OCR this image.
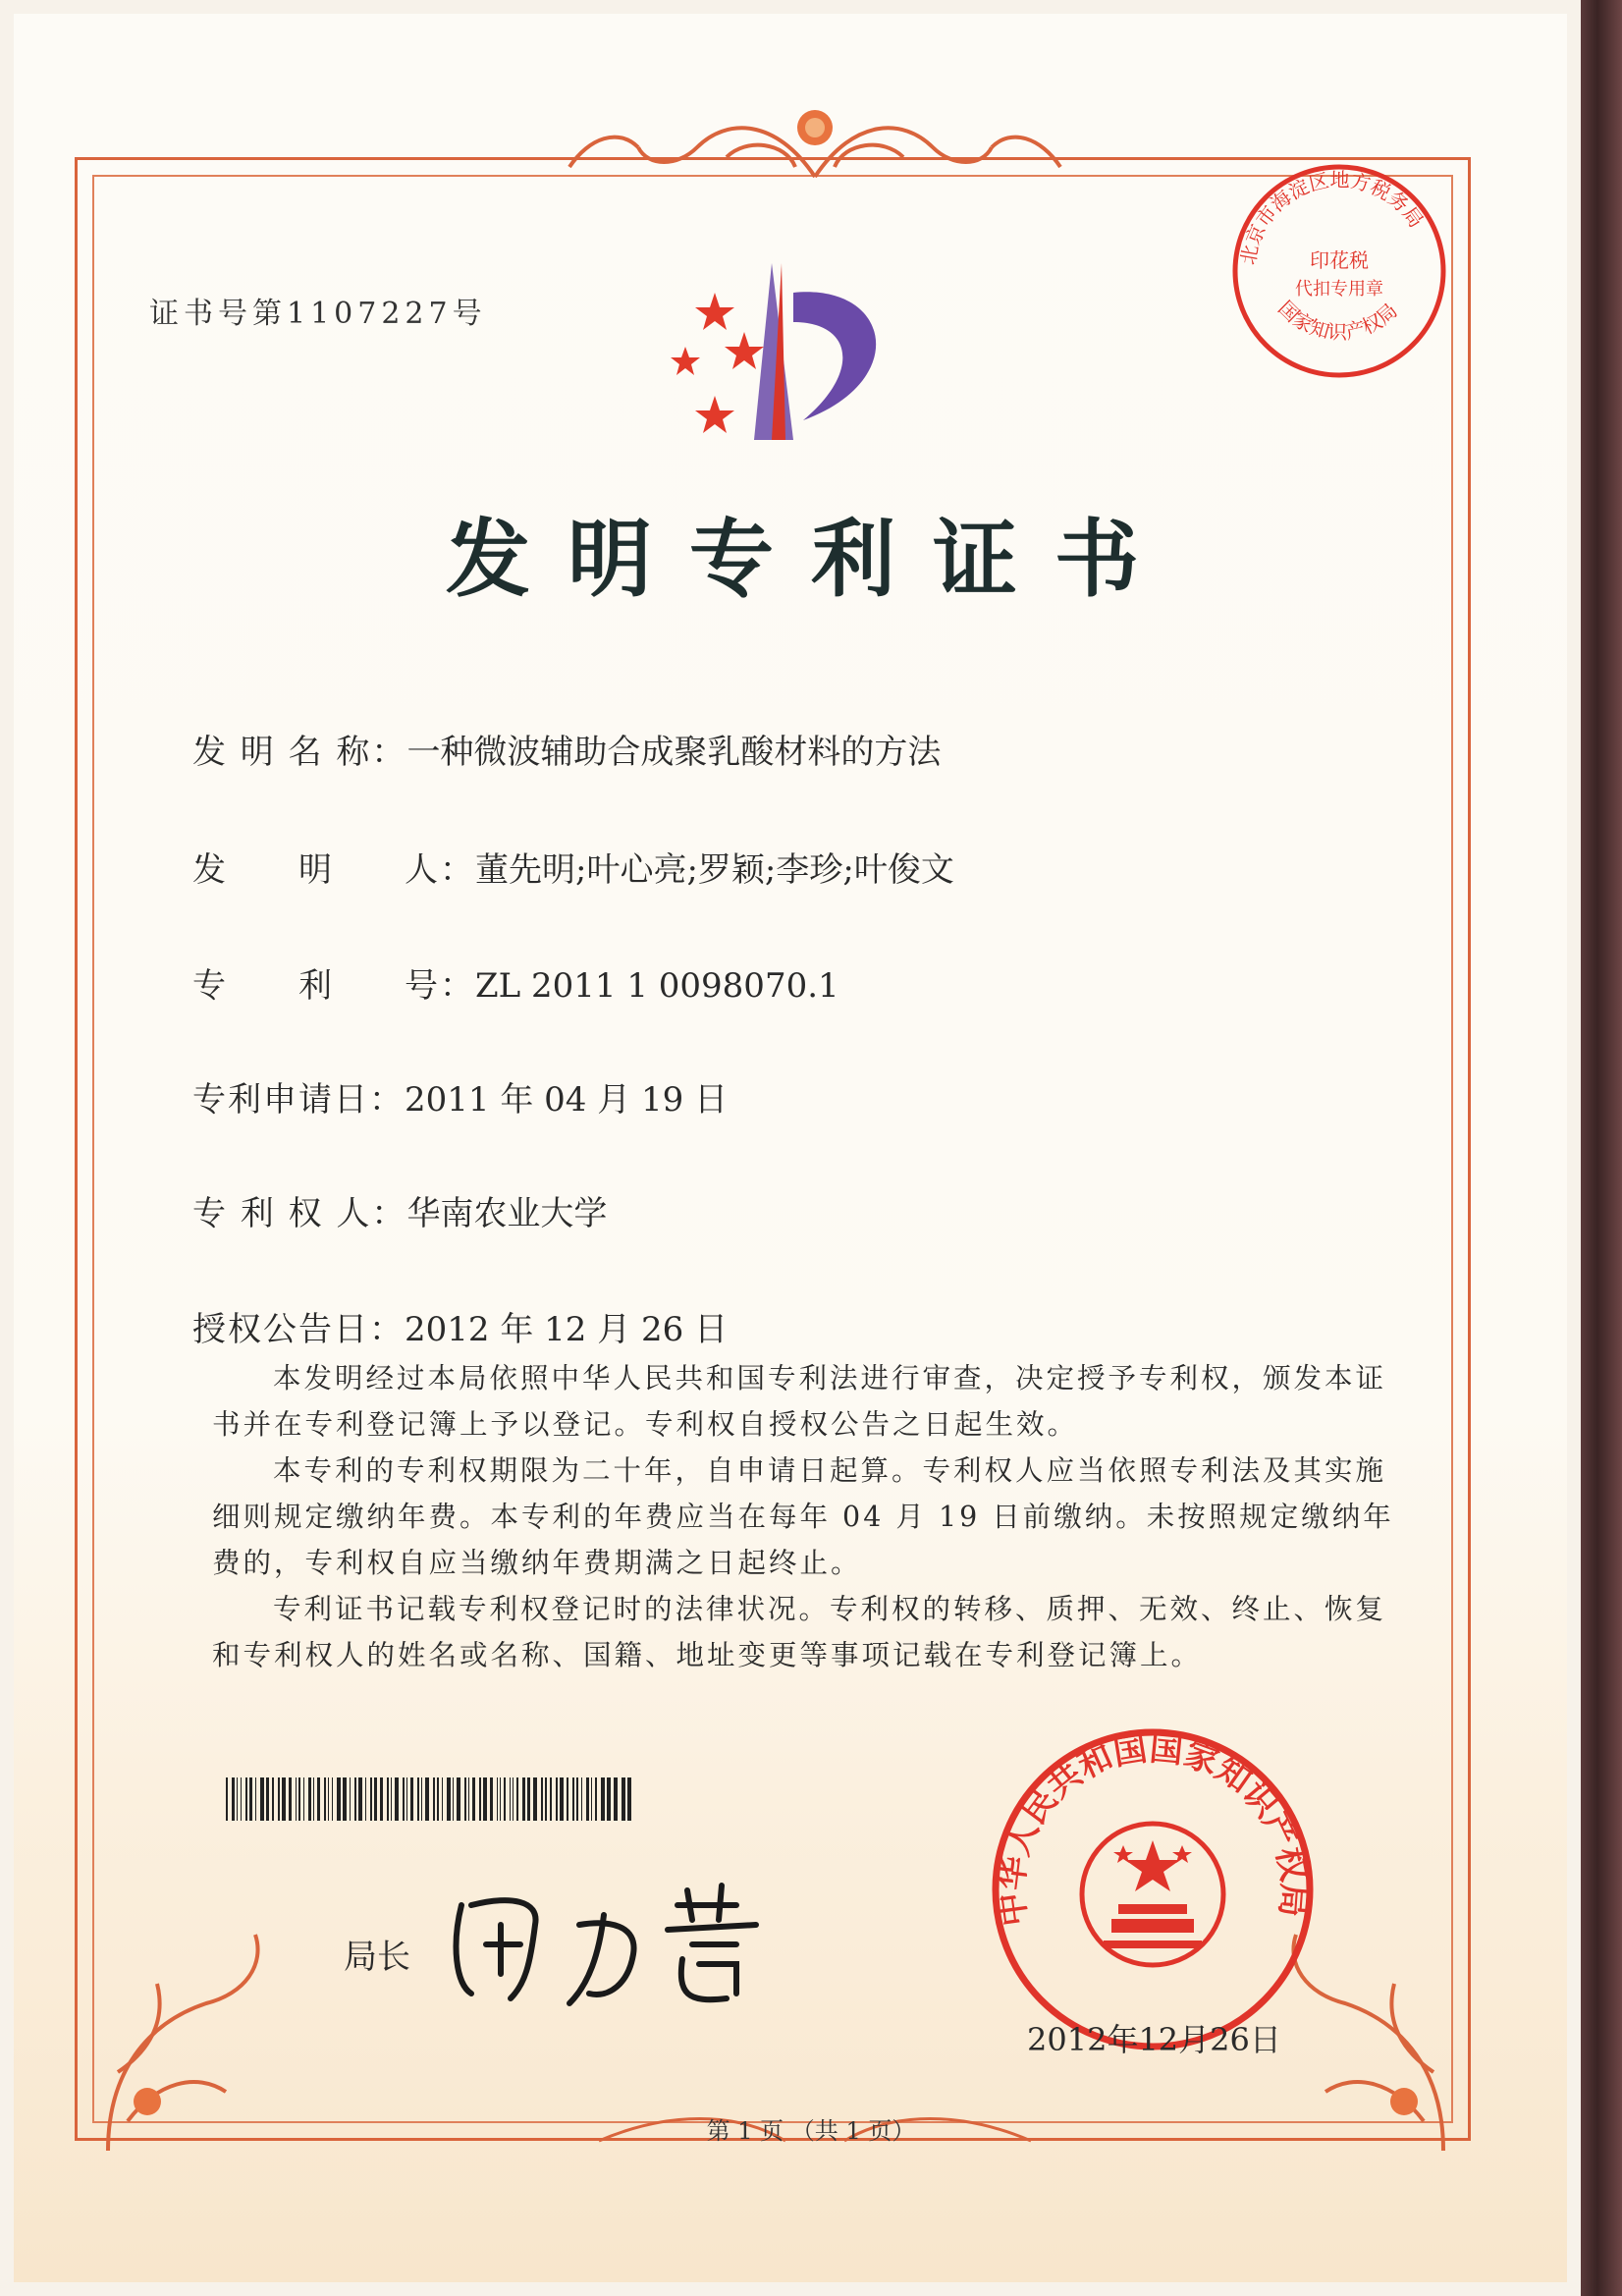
证书号第1107227号
北京市海淀区地方税务局
印花税
代扣专用章
国家知识产权局
发明专利证书
发 明 名 称：一种微波辅助合成聚乳酸材料的方法
发　　明　　人：董先明;叶心亮;罗颖;李珍;叶俊文
专　　利　　号：ZL 2011 1 0098070.1
专利申请日：2011 年 04 月 19 日
专 利 权 人：华南农业大学
授权公告日：2012 年 12 月 26 日

本发明经过本局依照中华人民共和国专利法进行审查，决定授予专利权，颁发本证书并在专利登记簿上予以登记。专利权自授权公告之日起生效。

本专利的专利权期限为二十年，自申请日起算。专利权人应当依照专利法及其实施细则规定缴纳年费。本专利的年费应当在每年 04 月 19 日前缴纳。未按照规定缴纳年费的，专利权自应当缴纳年费期满之日起终止。

专利证书记载专利权登记时的法律状况。专利权的转移、质押、无效、终止、恢复和专利权人的姓名或名称、国籍、地址变更等事项记载在专利登记簿上。

局长
中华人民共和国国家知识产权局
2012年12月26日
第 1 页 （共 1 页）
